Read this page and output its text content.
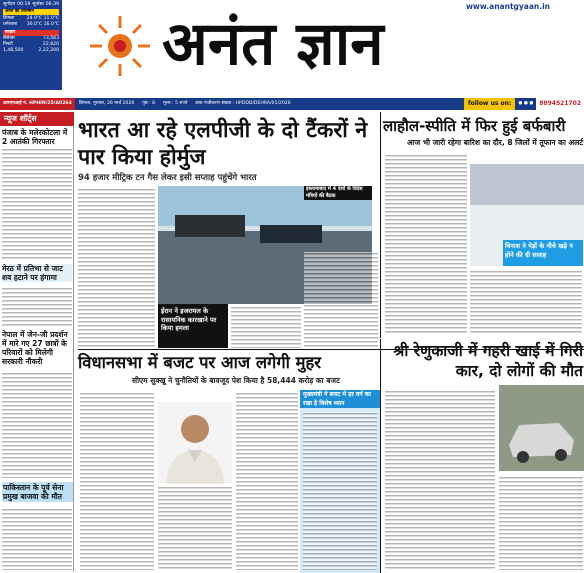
सूर्योदय 06:19 सूर्यास्त 06:39
आज का तापमान
शिमला	24.9℃ 11.0℃
धर्मशाला 30.0℃ 16.0℃
बाज़ार
सेंसेक्स	73,583
निफ्टी	22,820
1,48,500	2,22,200 अनंत ज्ञान
www.anantgyaan.in
आरएनआई नं. HPHIN/25/A0264	शिमला, गुरुवार, 26 मार्च 2026	पृष्ठ : 8	मूल्य : 5 रुपये	डाक पंजीकरण संख्या : HPDDD/DEHRA/01/2026	follow us on:	● ● ●	8894521702
न्यूज शॉर्ट्स
पंजाब के मलेरकोटला में 2 आतंकी गिरफ्तार
मेरठ में प्रतिभा से जाट शव हटाने पर हंगामा
नेपाल में जेन-जी प्रदर्शन में मारे गए 27 छात्रों के परिवारों को मिलेगी सरकारी नौकरी
पाकिस्तान के पूर्व सेना प्रमुख बाजवा की मौत
भारत आ रहे एलपीजी के दो टैंकरों ने पार किया होर्मुज
94 हजार मीट्रिक टन गैस लेकर इसी सप्ताह पहुंचेंगे भारत
इस्लामाबाद में 4 देशों के विदेश मंत्रियों की बैठक
ईरान ने इजरायल के रासायनिक कारखाने पर किया हमला
लाहौल-स्पीति में फिर हुई बर्फबारी
आज भी जारी रहेगा बारिश का दौर, 8 जिलों में तूफान का अलर्ट
विनाश ने पेड़ों के नीचे खड़े न होने की दी सलाह
विधानसभा में बजट पर आज लगेगी मुहर
सीएम सुक्खू ने चुनौतियों के बावजूद पेश किया है 58,444 करोड़ का बजट
मुख्यमंत्री ने बजट में हर वर्ग का रखा है विशेष ध्यान
श्री रेणुकाजी में गहरी खाई में गिरी कार, दो लोगों की मौत
